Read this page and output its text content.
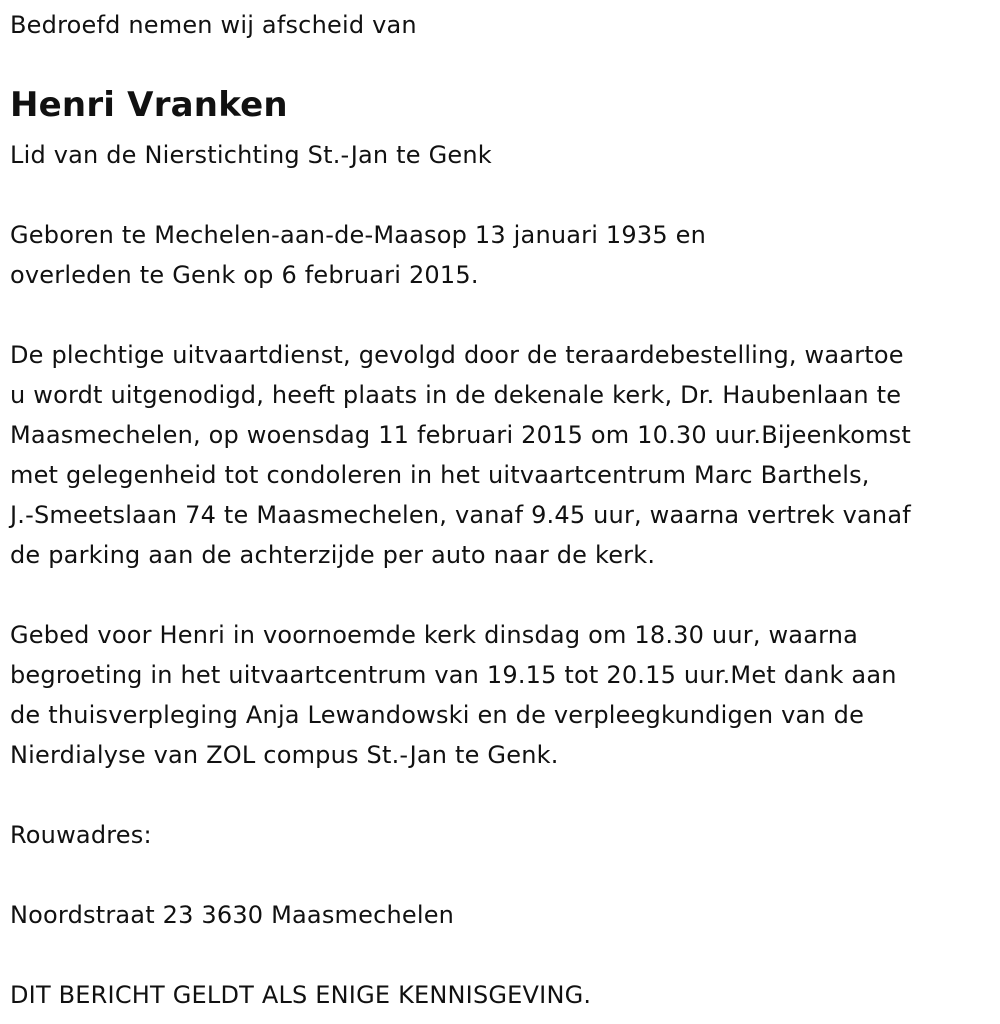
Bedroefd nemen wij afscheid van
Henri Vranken
Lid van de Nierstichting St.-Jan te Genk
Geboren te Mechelen-aan-de-Maasop 13 januari 1935 en
overleden te Genk op 6 februari 2015.
De plechtige uitvaartdienst, gevolgd door de teraardebestelling, waartoe
u wordt uitgenodigd, heeft plaats in de dekenale kerk, Dr. Haubenlaan te
Maasmechelen, op woensdag 11 februari 2015 om 10.30 uur.Bijeenkomst
met gelegenheid tot condoleren in het uitvaartcentrum Marc Barthels,
J.-Smeetslaan 74 te Maasmechelen, vanaf 9.45 uur, waarna vertrek vanaf
de parking aan de achterzijde per auto naar de kerk.
Gebed voor Henri in voornoemde kerk dinsdag om 18.30 uur, waarna
begroeting in het uitvaartcentrum van 19.15 tot 20.15 uur.Met dank aan
de thuisverpleging Anja Lewandowski en de verpleegkundigen van de
Nierdialyse van ZOL compus St.-Jan te Genk.
Rouwadres:
Noordstraat 23 3630 Maasmechelen
DIT BERICHT GELDT ALS ENIGE KENNISGEVING.
